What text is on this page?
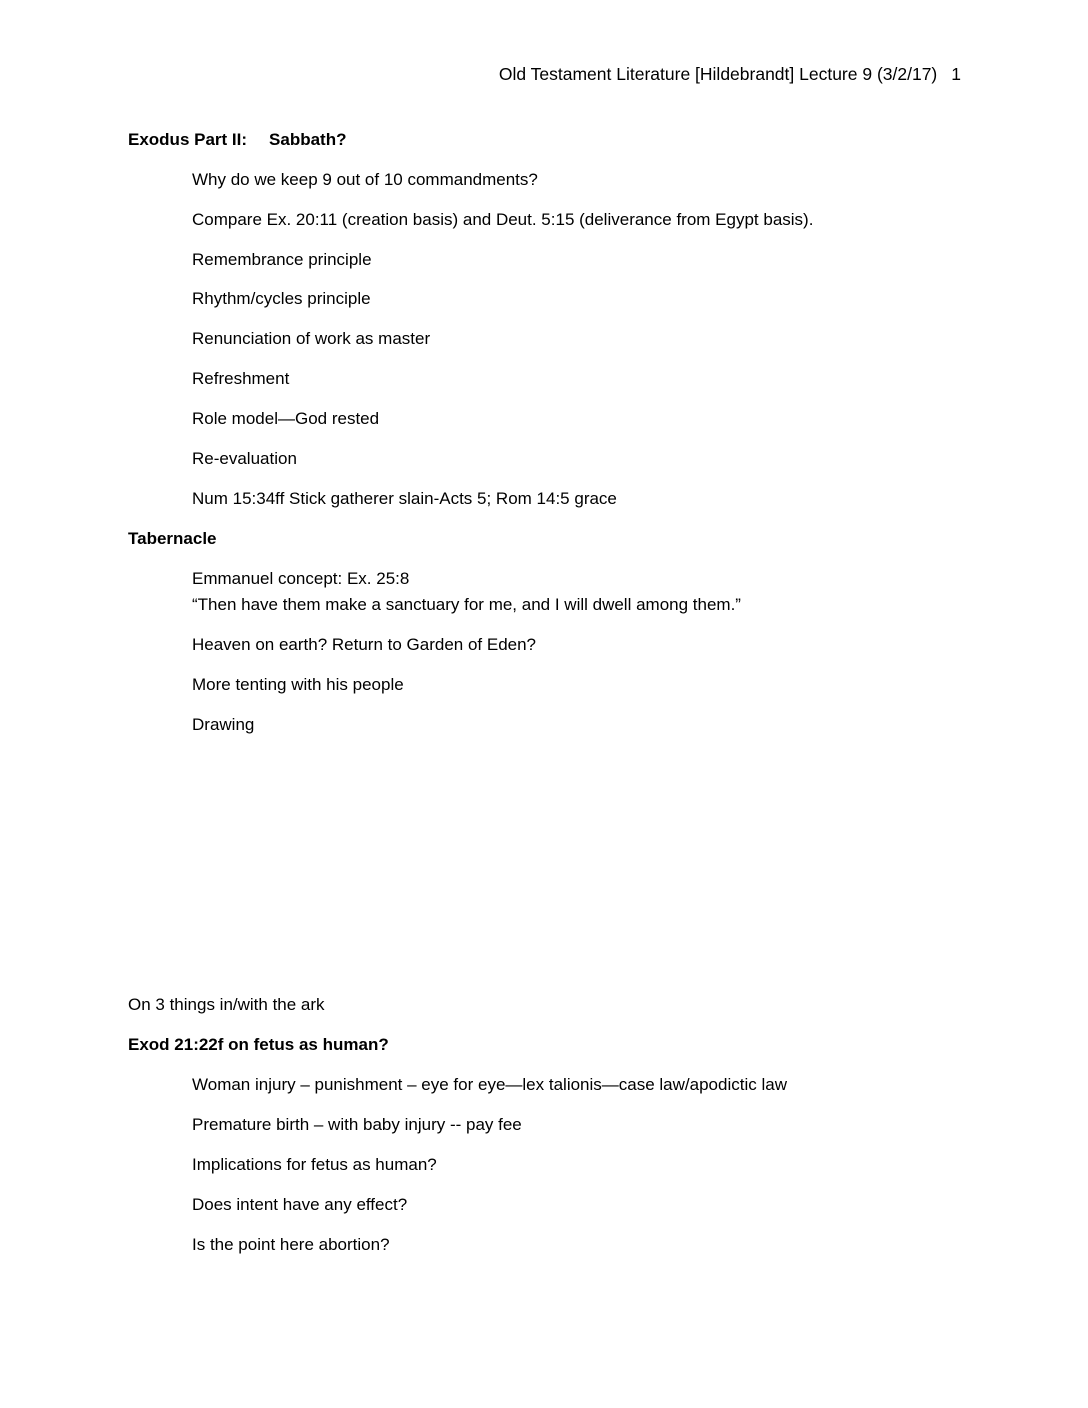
Old Testament Literature [Hildebrandt] Lecture 9 (3/2/17) 1
Exodus Part II: Sabbath?
Why do we keep 9 out of 10 commandments?
Compare Ex. 20:11 (creation basis) and Deut. 5:15 (deliverance from Egypt basis).
Remembrance principle
Rhythm/cycles principle
Renunciation of work as master
Refreshment
Role model—God rested
Re-evaluation
Num 15:34ff Stick gatherer slain-Acts 5; Rom 14:5 grace
Tabernacle
Emmanuel concept: Ex. 25:8
“Then have them make a sanctuary for me, and I will dwell among them.”
Heaven on earth? Return to Garden of Eden?
More tenting with his people
Drawing
On 3 things in/with the ark
Exod 21:22f on fetus as human?
Woman injury – punishment – eye for eye—lex talionis—case law/apodictic law
Premature birth – with baby injury -- pay fee
Implications for fetus as human?
Does intent have any effect?
Is the point here abortion?
